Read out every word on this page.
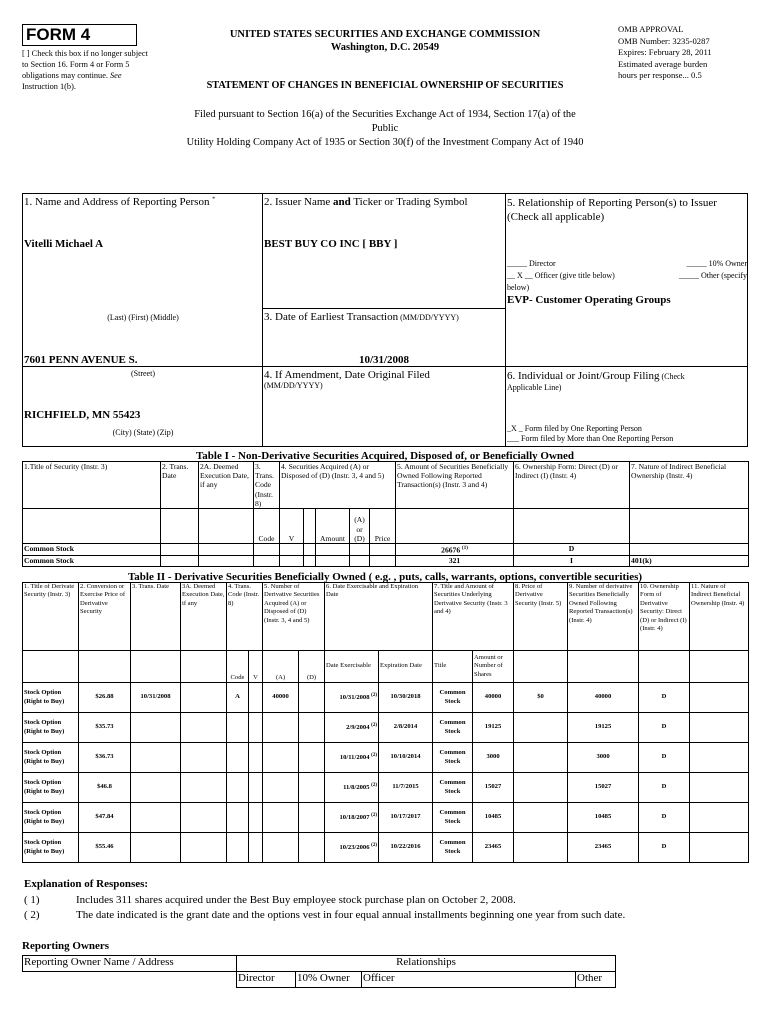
FORM 4
[ ] Check this box if no longer subject to Section 16. Form 4 or Form 5 obligations may continue. See Instruction 1(b).
UNITED STATES SECURITIES AND EXCHANGE COMMISSION
Washington, D.C. 20549
OMB APPROVAL
OMB Number: 3235-0287
Expires: February 28, 2011
Estimated average burden
hours per response... 0.5
STATEMENT OF CHANGES IN BENEFICIAL OWNERSHIP OF SECURITIES
Filed pursuant to Section 16(a) of the Securities Exchange Act of 1934, Section 17(a) of the
Public
Utility Holding Company Act of 1935 or Section 30(f) of the Investment Company Act of 1940
1. Name and Address of Reporting Person *
Vitelli Michael A
(Last) (First) (Middle)
7601 PENN AVENUE S.
(Street)
RICHFIELD, MN 55423
(City) (State) (Zip)
2. Issuer Name and Ticker or Trading Symbol
BEST BUY CO INC [ BBY ]
3. Date of Earliest Transaction (MM/DD/YYYY)
10/31/2008
4. If Amendment, Date Original Filed
(MM/DD/YYYY)
5. Relationship of Reporting Person(s) to Issuer
(Check all applicable)
_____ Director	_____ 10% Owner
__ X __ Officer (give title below)	_____ Other (specify
below)
EVP- Customer Operating Groups
6. Individual or Joint/Group Filing (Check
Applicable Line)
_X _ Form filed by One Reporting Person
___ Form filed by More than One Reporting Person
Table I - Non-Derivative Securities Acquired, Disposed of, or Beneficially Owned
1.Title of Security (Instr. 3)	2. Trans. Date	2A. Deemed Execution Date, if any	3. Trans. Code (Instr. 8)	4. Securities Acquired (A) or Disposed of (D) (Instr. 3, 4 and 5)					5. Amount of Securities Beneficially Owned Following Reported Transaction(s) (Instr. 3 and 4)	6. Ownership Form: Direct (D) or Indirect (I) (Instr. 4)	7. Nature of Indirect Beneficial Ownership (Instr. 4)
			Code	V		Amount	(A) or (D)	Price			
Common Stock									26676 $^{(1)}$	D	
Common Stock									321	I	401(k)
Table II - Derivative Securities Beneficially Owned ( e.g. , puts, calls, warrants, options, convertible securities)
1. Title of Derivate Security (Instr. 3)	2. Conversion or Exercise Price of Derivative Security	3. Trans. Date	3A. Deemed Execution Date, if any	4. Trans. Code (Instr. 8)		5. Number of Derivative Securities Acquired (A) or Disposed of (D) (Instr. 3, 4 and 5)		6. Date Exercisable and Expiration Date		7. Title and Amount of Securities Underlying Derivative Security (Instr. 3 and 4)		8. Price of Derivative Security (Instr. 5)	9. Number of derivative Securities Beneficially Owned Following Reported Transaction(s) (Instr. 4)	10. Ownership Form of Derivative Security: Direct (D) or Indirect (I) (Instr. 4)	11. Nature of Indirect Beneficial Ownership (Instr. 4)
				Code	V	(A)	(D)	Date Exercisable	Expiration Date	Title	Amount or Number of Shares				
Stock Option (Right to Buy)	$26.88	10/31/2008		A		40000		10/31/2008 $^{(2)}$	10/30/2018	Common Stock	40000	$0	40000	D	
Stock Option (Right to Buy)	$35.73							2/9/2004 $^{(2)}$	2/8/2014	Common Stock	19125		19125	D	
Stock Option (Right to Buy)	$36.73							10/11/2004 $^{(2)}$	10/10/2014	Common Stock	3000		3000	D	
Stock Option (Right to Buy)	$46.8							11/8/2005 $^{(2)}$	11/7/2015	Common Stock	15027		15027	D	
Stock Option (Right to Buy)	$47.84							10/18/2007 $^{(2)}$	10/17/2017	Common Stock	10485		10485	D	
Stock Option (Right to Buy)	$55.46							10/23/2006 $^{(2)}$	10/22/2016	Common Stock	23465		23465	D	
Explanation of Responses:
( 1)	Includes 311 shares acquired under the Best Buy employee stock purchase plan on October 2, 2008.
( 2)	The date indicated is the grant date and the options vest in four equal annual installments beginning one year from such date.
Reporting Owners
Reporting Owner Name / Address	Relationships			
	Director	10% Owner	Officer	Other
